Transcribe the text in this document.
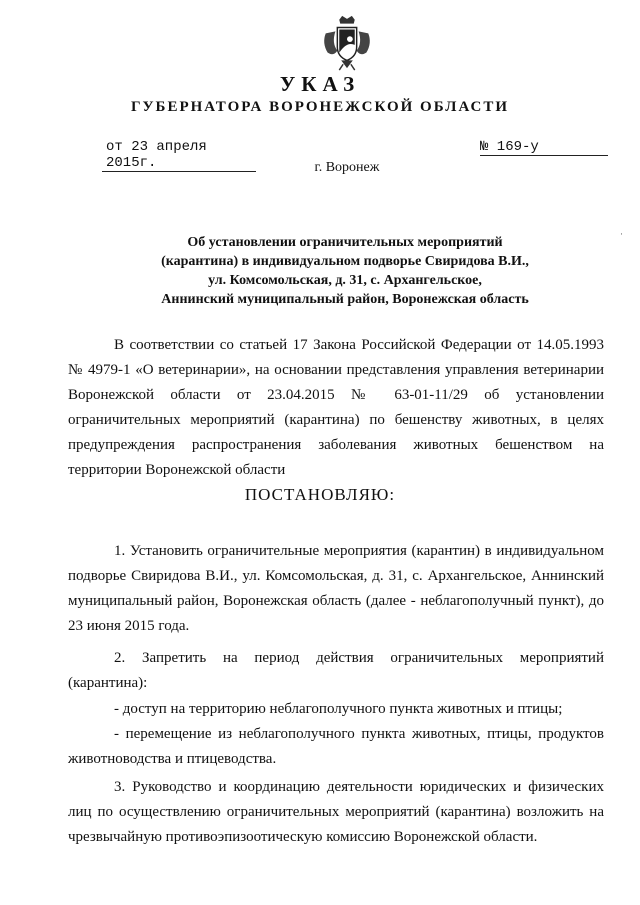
УКАЗ
ГУБЕРНАТОРА ВОРОНЕЖСКОЙ ОБЛАСТИ
от 23 апреля 2015г.
№ 169-у
г. Воронеж
·
Об установлении ограничительных мероприятий
(карантина) в индивидуальном подворье Свиридова В.И.,
ул. Комсомольская, д. 31, с. Архангельское,
Аннинский муниципальный район, Воронежская область
В соответствии со статьей 17 Закона Российской Федерации от 14.05.1993 № 4979-1 «О ветеринарии», на основании представления управления ветеринарии Воронежской области от 23.04.2015 № 63-01-11/29 об установлении ограничительных мероприятий (карантина) по бешенству животных, в целях предупреждения распространения заболевания животных бешенством на территории Воронежской области
ПОСТАНОВЛЯЮ:
1. Установить ограничительные мероприятия (карантин) в индивидуальном подворье Свиридова В.И., ул. Комсомольская, д. 31, с. Архангельское, Аннинский муниципальный район, Воронежская область (далее - неблагополучный пункт), до 23 июня 2015 года.
2. Запретить на период действия ограничительных мероприятий (карантина):
- доступ на территорию неблагополучного пункта животных и птицы;
- перемещение из неблагополучного пункта животных, птицы, продуктов животноводства и птицеводства.
3. Руководство и координацию деятельности юридических и физических лиц по осуществлению ограничительных мероприятий (карантина) возложить на чрезвычайную противоэпизоотическую комиссию Воронежской области.
